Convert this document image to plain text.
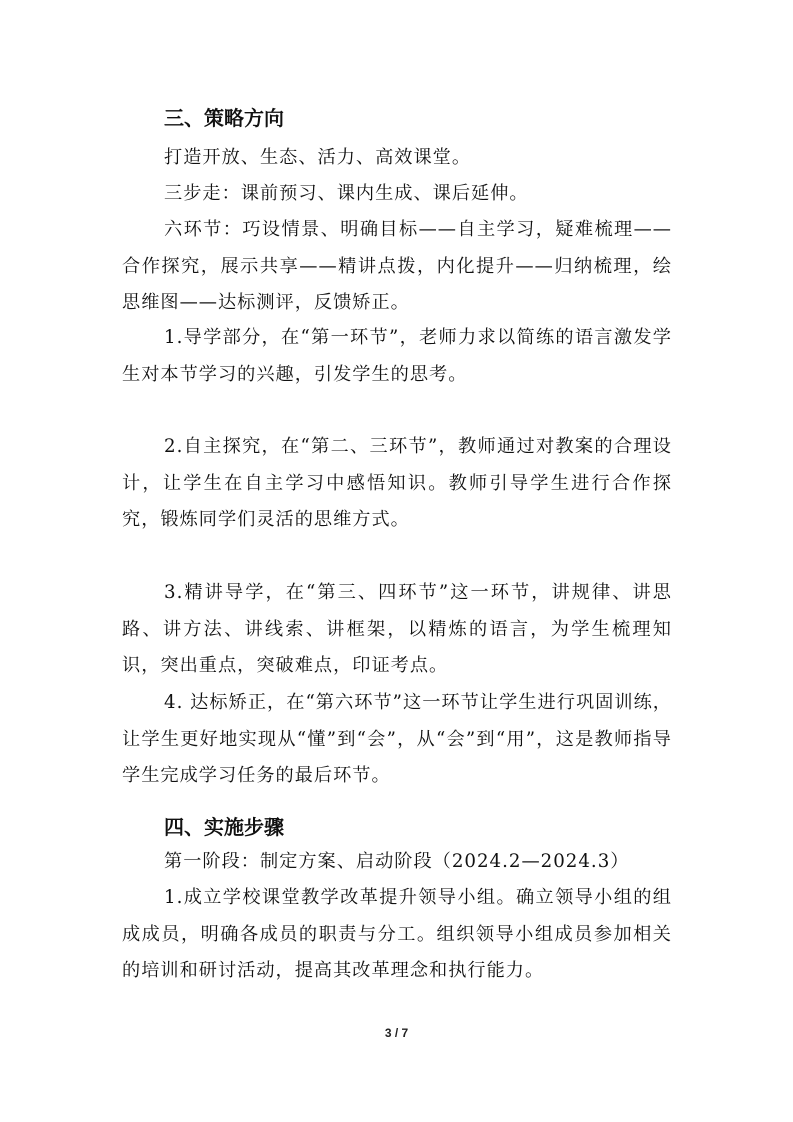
三、策略方向

打造开放、生态、活力、高效课堂。

三步走：课前预习、课内生成、课后延伸。

六环节：巧设情景、明确目标——自主学习，疑难梳理——合作探究，展示共享——精讲点拨，内化提升——归纳梳理，绘思维图——达标测评，反馈矫正。

1.导学部分，在“第一环节”，老师力求以简练的语言激发学生对本节学习的兴趣，引发学生的思考。

2.自主探究，在“第二、三环节”，教师通过对教案的合理设计，让学生在自主学习中感悟知识。教师引导学生进行合作探究，锻炼同学们灵活的思维方式。

3.精讲导学，在“第三、四环节”这一环节，讲规律、讲思路、讲方法、讲线索、讲框架，以精炼的语言，为学生梳理知识，突出重点，突破难点，印证考点。

4. 达标矫正，在“第六环节”这一环节让学生进行巩固训练，让学生更好地实现从“懂”到“会”，从“会”到“用”，这是教师指导学生完成学习任务的最后环节。

四、实施步骤

第一阶段：制定方案、启动阶段（2024.2—2024.3）

1.成立学校课堂教学改革提升领导小组。确立领导小组的组成成员，明确各成员的职责与分工。组织领导小组成员参加相关的培训和研讨活动，提高其改革理念和执行能力。

3 / 7
